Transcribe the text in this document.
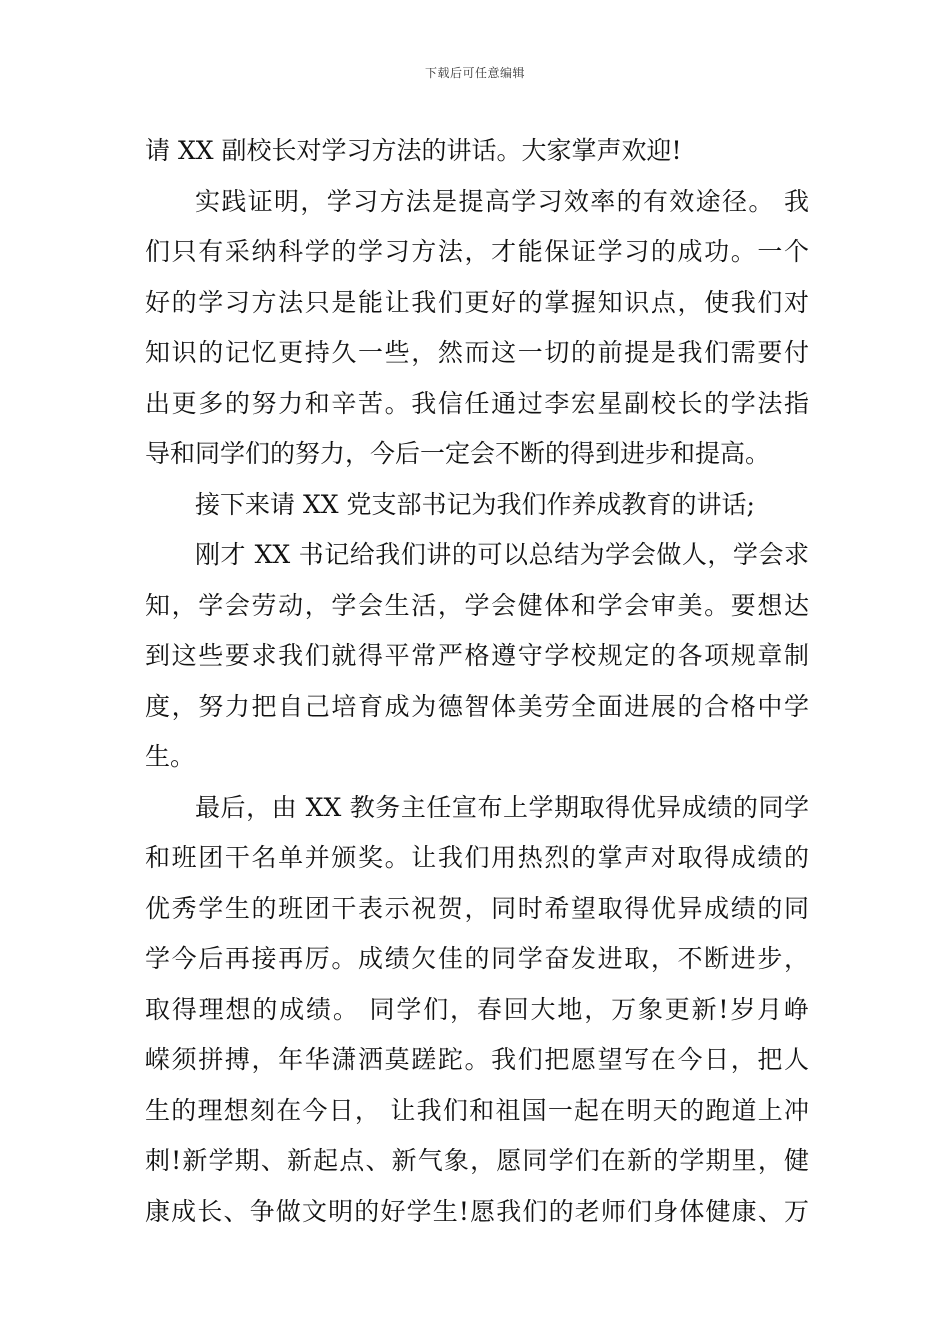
下载后可任意编辑
请 XX 副校长对学习方法的讲话。大家掌声欢迎!
实践证明，学习方法是提高学习效率的有效途径。 我
们只有采纳科学的学习方法，才能保证学习的成功。一个
好的学习方法只是能让我们更好的掌握知识点，使我们对
知识的记忆更持久一些，然而这一切的前提是我们需要付
出更多的努力和辛苦。我信任通过李宏星副校长的学法指
导和同学们的努力，今后一定会不断的得到进步和提高。
接下来请 XX 党支部书记为我们作养成教育的讲话;
刚才 XX 书记给我们讲的可以总结为学会做人，学会求
知，学会劳动，学会生活，学会健体和学会审美。要想达
到这些要求我们就得平常严格遵守学校规定的各项规章制
度，努力把自己培育成为德智体美劳全面进展的合格中学
生。
最后，由 XX 教务主任宣布上学期取得优异成绩的同学
和班团干名单并颁奖。让我们用热烈的掌声对取得成绩的
优秀学生的班团干表示祝贺，同时希望取得优异成绩的同
学今后再接再厉。成绩欠佳的同学奋发进取，不断进步，
取得理想的成绩。 同学们，春回大地，万象更新!岁月峥
嵘须拼搏，年华潇洒莫蹉跎。我们把愿望写在今日，把人
生的理想刻在今日， 让我们和祖国一起在明天的跑道上冲
刺!新学期、新起点、新气象，愿同学们在新的学期里，健
康成长、争做文明的好学生!愿我们的老师们身体健康、万
